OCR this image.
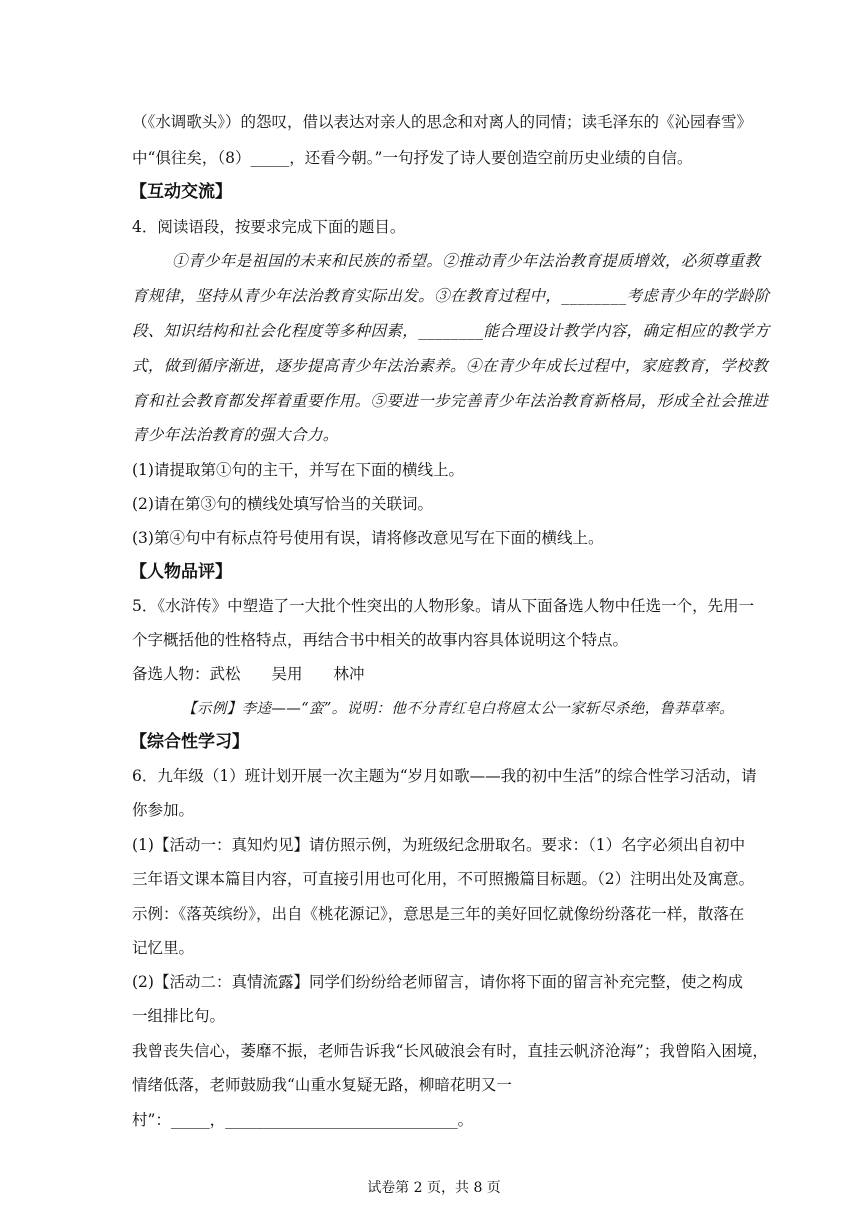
（《水调歌头》）的怨叹，借以表达对亲人的思念和对离人的同情；读毛泽东的《沁园春雪》
中“俱往矣，（8）_____，还看今朝。”一句抒发了诗人要创造空前历史业绩的自信。
【互动交流】
4．阅读语段，按要求完成下面的题目。
①青少年是祖国的未来和民族的希望。②推动青少年法治教育提质增效，必须尊重教
育规律，坚持从青少年法治教育实际出发。③在教育过程中，________考虑青少年的学龄阶
段、知识结构和社会化程度等多种因素，________能合理设计教学内容，确定相应的教学方
式，做到循序渐进，逐步提高青少年法治素养。④在青少年成长过程中，家庭教育，学校教
育和社会教育都发挥着重要作用。⑤要进一步完善青少年法治教育新格局，形成全社会推进
青少年法治教育的强大合力。
(1)请提取第①句的主干，并写在下面的横线上。
(2)请在第③句的横线处填写恰当的关联词。
(3)第④句中有标点符号使用有误，请将修改意见写在下面的横线上。
【人物品评】
5．《水浒传》中塑造了一大批个性突出的人物形象。请从下面备选人物中任选一个，先用一
个字概括他的性格特点，再结合书中相关的故事内容具体说明这个特点。
备选人物：武松　　吴用　　林冲
【示例】李逵——“蛮”。说明：他不分青红皂白将扈太公一家斩尽杀绝，鲁莽草率。
【综合性学习】
6．九年级（1）班计划开展一次主题为“岁月如歌——我的初中生活”的综合性学习活动，请
你参加。
(1)【活动一：真知灼见】请仿照示例，为班级纪念册取名。要求：（1）名字必须出自初中
三年语文课本篇目内容，可直接引用也可化用，不可照搬篇目标题。（2）注明出处及寓意。
示例：《落英缤纷》，出自《桃花源记》，意思是三年的美好回忆就像纷纷落花一样，散落在
记忆里。
(2)【活动二：真情流露】同学们纷纷给老师留言，请你将下面的留言补充完整，使之构成
一组排比句。
我曾丧失信心，萎靡不振，老师告诉我“长风破浪会有时，直挂云帆济沧海”；我曾陷入困境，
情绪低落，老师鼓励我“山重水复疑无路，柳暗花明又一
村”：_____，______________________________。
试卷第 2 页，共 8 页
